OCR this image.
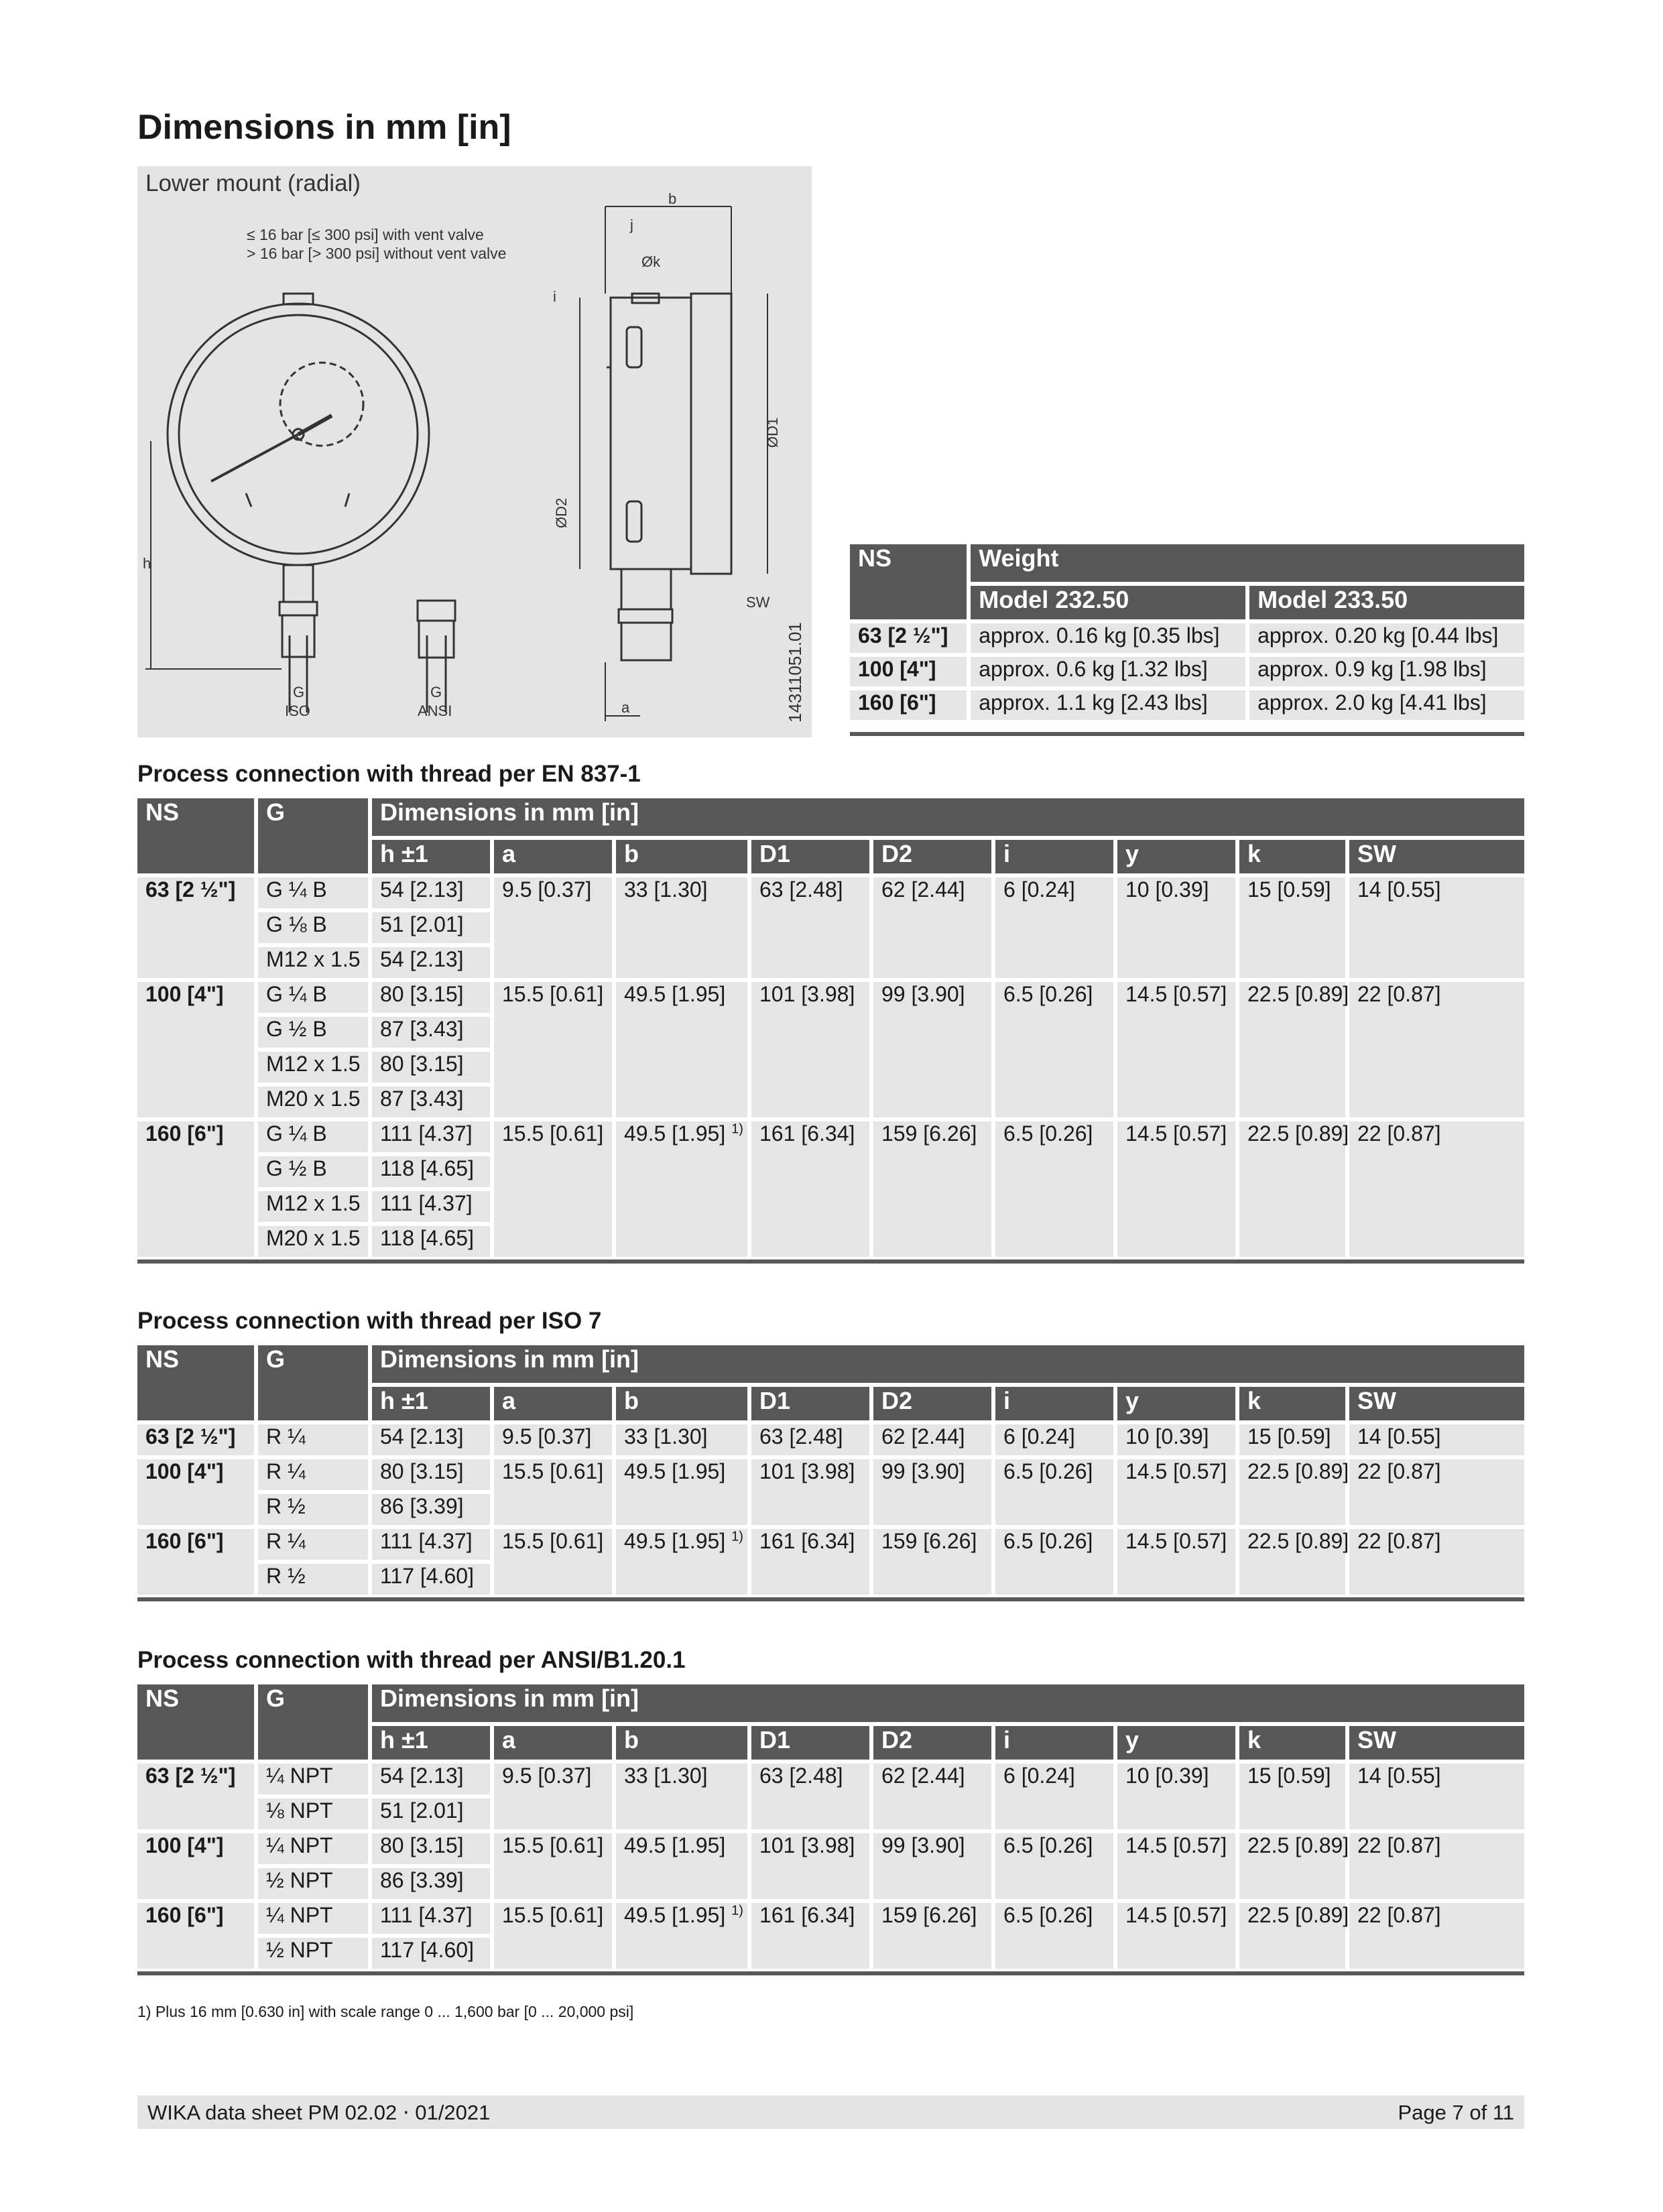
Dimensions in mm [in]
Lower mount (radial)
≤ 16 bar [≤ 300 psi] with vent valve
> 16 bar [> 300 psi] without vent valve
b
j
Øk
i
ØD1
ØD2
h
SW
a
G
ISO
G
ANSI	14311051.01
NS	Weight	
	Model 232.50	Model 233.50
63 [2 ½"]	approx. 0.16 kg [0.35 lbs]	approx. 0.20 kg [0.44 lbs]
100 [4"]	approx. 0.6 kg [1.32 lbs]	approx. 0.9 kg [1.98 lbs]
160 [6"]	approx. 1.1 kg [2.43 lbs]	approx. 2.0 kg [4.41 lbs]
Process connection with thread per EN 837-1
Process connection with thread per ISO 7
Process connection with thread per ANSI/B1.20.1
NS	G	Dimensions in mm [in]								
		h ±1	a	b	D1	D2	i	y	k	SW
63 [2 ½"]	G ¼ B	54 [2.13]	9.5 [0.37]	33 [1.30]	63 [2.48]	62 [2.44]	6 [0.24]	10 [0.39]	15 [0.59]	14 [0.55]
	G ⅛ B	51 [2.01]								
	M12 x 1.5	54 [2.13]								
100 [4"]	G ¼ B	80 [3.15]	15.5 [0.61]	49.5 [1.95]	101 [3.98]	99 [3.90]	6.5 [0.26]	14.5 [0.57]	22.5 [0.89]	22 [0.87]
	G ½ B	87 [3.43]								
	M12 x 1.5	80 [3.15]								
	M20 x 1.5	87 [3.43]								
160 [6"]	G ¼ B	111 [4.37]	15.5 [0.61]	49.5 [1.95] $^{1)}$	161 [6.34]	159 [6.26]	6.5 [0.26]	14.5 [0.57]	22.5 [0.89]	22 [0.87]
	G ½ B	118 [4.65]								
	M12 x 1.5	111 [4.37]								
	M20 x 1.5	118 [4.65]								
NS	G	Dimensions in mm [in]								
		h ±1	a	b	D1	D2	i	y	k	SW
63 [2 ½"]	R ¼	54 [2.13]	9.5 [0.37]	33 [1.30]	63 [2.48]	62 [2.44]	6 [0.24]	10 [0.39]	15 [0.59]	14 [0.55]
100 [4"]	R ¼	80 [3.15]	15.5 [0.61]	49.5 [1.95]	101 [3.98]	99 [3.90]	6.5 [0.26]	14.5 [0.57]	22.5 [0.89]	22 [0.87]
	R ½	86 [3.39]								
160 [6"]	R ¼	111 [4.37]	15.5 [0.61]	49.5 [1.95] $^{1)}$	161 [6.34]	159 [6.26]	6.5 [0.26]	14.5 [0.57]	22.5 [0.89]	22 [0.87]
	R ½	117 [4.60]								
NS	G	Dimensions in mm [in]								
		h ±1	a	b	D1	D2	i	y	k	SW
63 [2 ½"]	¼ NPT	54 [2.13]	9.5 [0.37]	33 [1.30]	63 [2.48]	62 [2.44]	6 [0.24]	10 [0.39]	15 [0.59]	14 [0.55]
	⅛ NPT	51 [2.01]								
100 [4"]	¼ NPT	80 [3.15]	15.5 [0.61]	49.5 [1.95]	101 [3.98]	99 [3.90]	6.5 [0.26]	14.5 [0.57]	22.5 [0.89]	22 [0.87]
	½ NPT	86 [3.39]								
160 [6"]	¼ NPT	111 [4.37]	15.5 [0.61]	49.5 [1.95] $^{1)}$	161 [6.34]	159 [6.26]	6.5 [0.26]	14.5 [0.57]	22.5 [0.89]	22 [0.87]
	½ NPT	117 [4.60]								
1) Plus 16 mm [0.630 in] with scale range 0 ... 1,600 bar [0 ... 20,000 psi]
WIKA data sheet PM 02.02 ⋅ 01/2021	Page 7 of 11
